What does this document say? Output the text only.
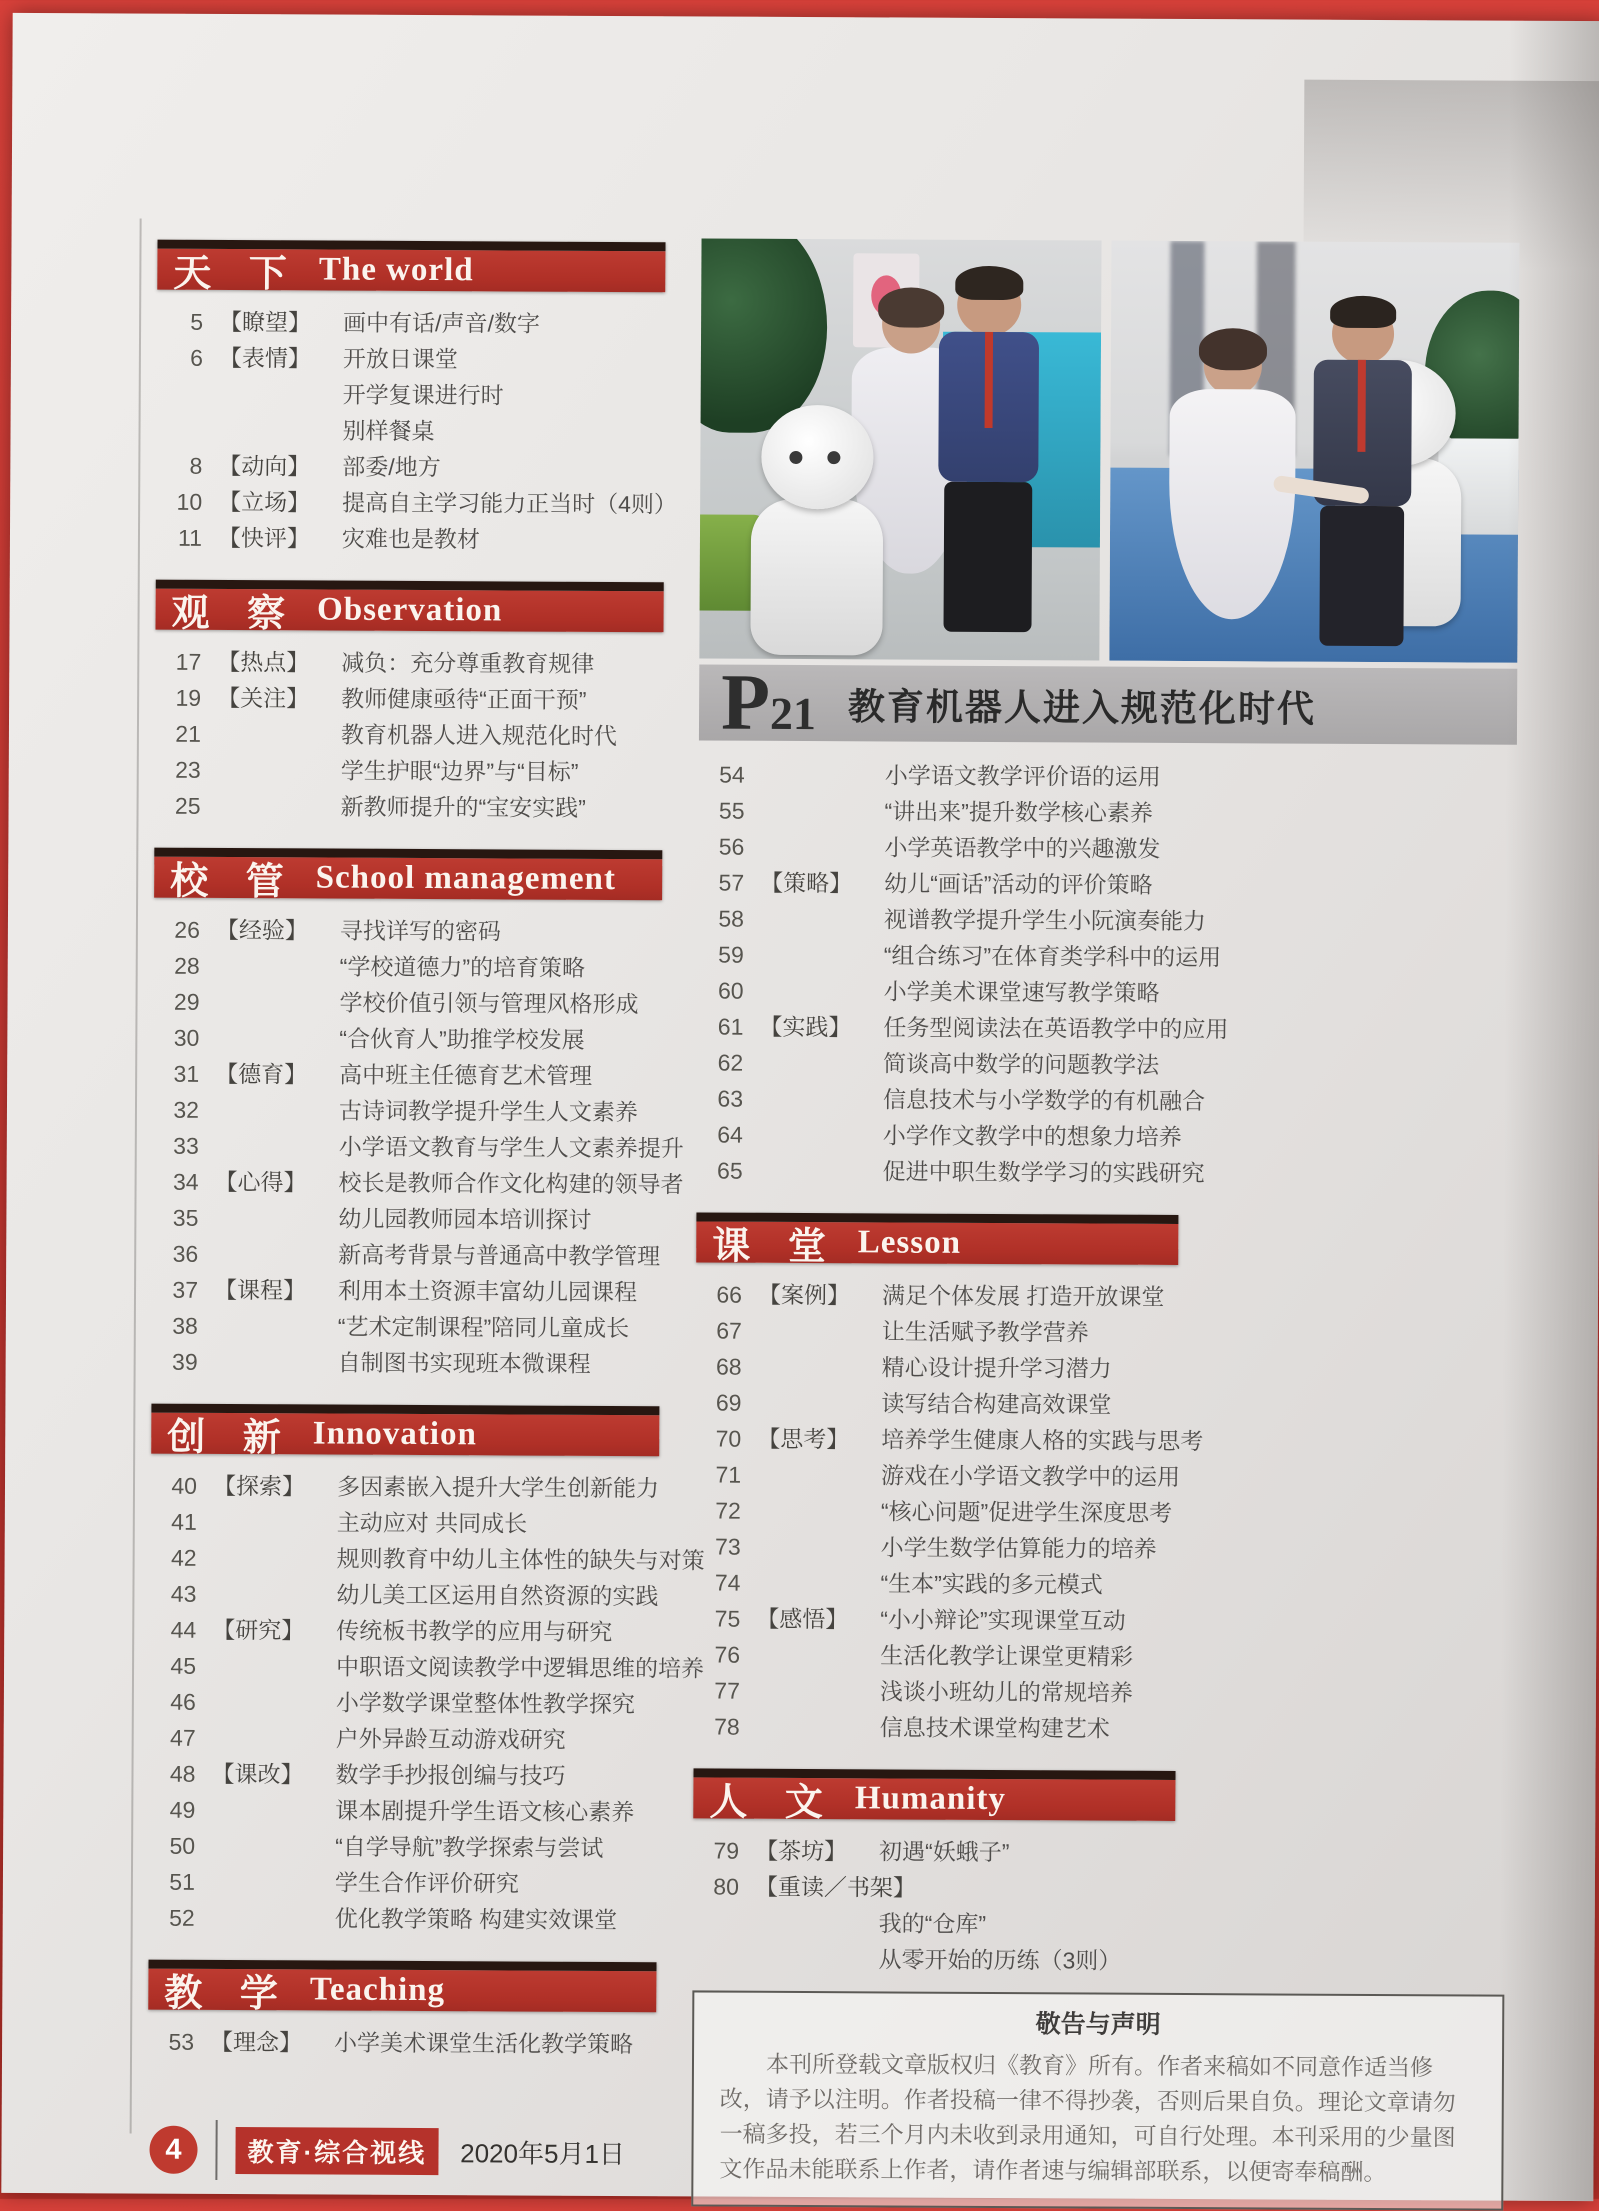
天 下 The world
5 【瞭望】	画中有话/声音/数字
6 【表情】	开放日课堂
开学复课进行时
别样餐桌
8 【动向】	部委/地方
10 【立场】	提高自主学习能力正当时（4则）
11 【快评】	灾难也是教材
观 察 Observation
17 【热点】	减负：充分尊重教育规律
19 【关注】	教师健康亟待“正面干预”
21	教育机器人进入规范化时代
23	学生护眼“边界”与“目标”
25	新教师提升的“宝安实践”
校 管 School management
26 【经验】	寻找详写的密码
28	“学校道德力”的培育策略
29	学校价值引领与管理风格形成
30	“合伙育人”助推学校发展
31 【德育】	高中班主任德育艺术管理
32	古诗词教学提升学生人文素养
33	小学语文教育与学生人文素养提升
34 【心得】	校长是教师合作文化构建的领导者
35	幼儿园教师园本培训探讨
36	新高考背景与普通高中教学管理
37 【课程】	利用本土资源丰富幼儿园课程
38	“艺术定制课程”陪同儿童成长
39	自制图书实现班本微课程
创 新 Innovation
40 【探索】	多因素嵌入提升大学生创新能力
41	主动应对 共同成长
42	规则教育中幼儿主体性的缺失与对策
43	幼儿美工区运用自然资源的实践
44 【研究】	传统板书教学的应用与研究
45	中职语文阅读教学中逻辑思维的培养
46	小学数学课堂整体性教学探究
47	户外异龄互动游戏研究
48 【课改】	数学手抄报创编与技巧
49	课本剧提升学生语文核心素养
50	“自学导航”教学探索与尝试
51	学生合作评价研究
52	优化教学策略 构建实效课堂
教 学 Teaching
53 【理念】	小学美术课堂生活化教学策略
P 21 教育机器人进入规范化时代
54	小学语文教学评价语的运用
55	“讲出来”提升数学核心素养
56	小学英语教学中的兴趣激发
57 【策略】	幼儿“画话”活动的评价策略
58	视谱教学提升学生小阮演奏能力
59	“组合练习”在体育类学科中的运用
60	小学美术课堂速写教学策略
61 【实践】	任务型阅读法在英语教学中的应用
62	简谈高中数学的问题教学法
63	信息技术与小学数学的有机融合
64	小学作文教学中的想象力培养
65	促进中职生数学学习的实践研究
课 堂 Lesson
66 【案例】	满足个体发展 打造开放课堂
67	让生活赋予教学营养
68	精心设计提升学习潜力
69	读写结合构建高效课堂
70 【思考】	培养学生健康人格的实践与思考
71	游戏在小学语文教学中的运用
72	“核心问题”促进学生深度思考
73	小学生数学估算能力的培养
74	“生本”实践的多元模式
75 【感悟】	“小小辩论”实现课堂互动
76	生活化教学让课堂更精彩
77	浅谈小班幼儿的常规培养
78	信息技术课堂构建艺术
人 文 Humanity
79 【茶坊】	初遇“妖蛾子”
80 【重读／书架】
我的“仓库”
从零开始的历练（3则）
敬告与声明
本刊所登载文章版权归《教育》所有。作者来稿如不同意作适当修改，请予以注明。作者投稿一律不得抄袭，否则后果自负。理论文章请勿一稿多投，若三个月内未收到录用通知，可自行处理。本刊采用的少量图文作品未能联系上作者，请作者速与编辑部联系，以便寄奉稿酬。
4	教育·综合视线	2020年5月1日
